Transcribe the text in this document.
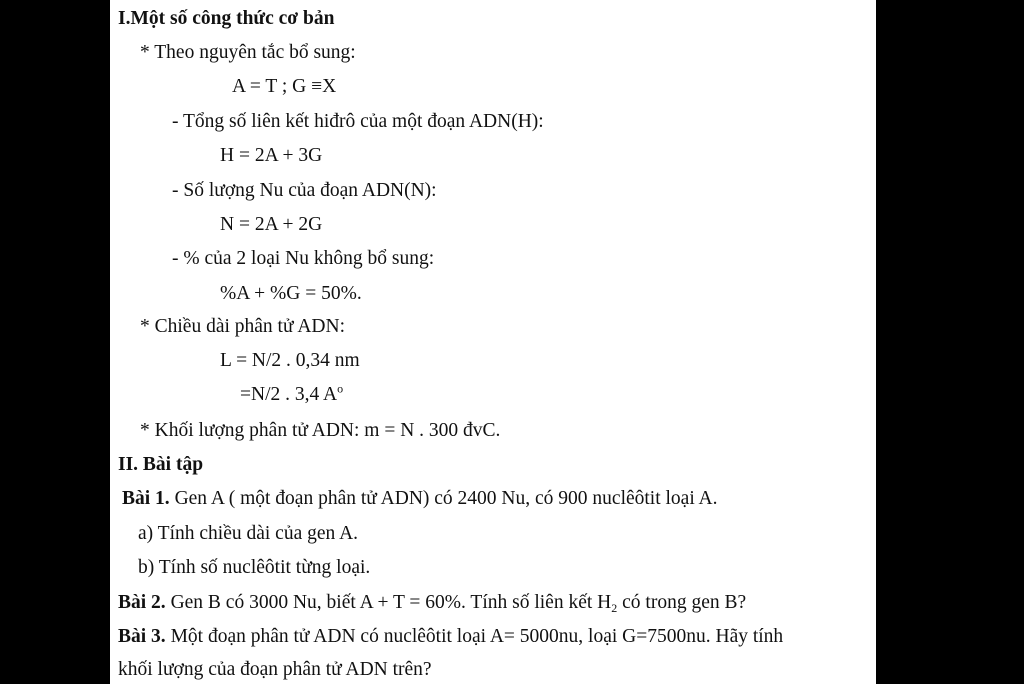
I.Một số công thức cơ bản
* Theo nguyên tắc bổ sung:
A = T ; G ≡X
- Tổng số liên kết hiđrô của một đoạn ADN(H):
H = 2A + 3G
- Số lượng Nu của đoạn ADN(N):
N = 2A + 2G
- % của 2 loại Nu không bổ sung:
%A + %G = 50%.
* Chiều dài phân tử ADN:
L = N/2 . 0,34 nm
=N/2 . 3,4 $A^o$
* Khối lượng phân tử ADN: m = N . 300 đvC.
II. Bài tập
Bài 1. Gen A ( một đoạn phân tử ADN) có 2400 Nu, có 900 nuclêôtit loại A.
a) Tính chiều dài của gen A.
b) Tính số nuclêôtit từng loại.
Bài 2. Gen B có 3000 Nu, biết A + T = 60%. Tính số liên kết $H_2$ có trong gen B?
Bài 3. Một đoạn phân tử ADN có nuclêôtit loại A= 5000nu, loại G=7500nu. Hãy tính
khối lượng của đoạn phân tử ADN trên?
